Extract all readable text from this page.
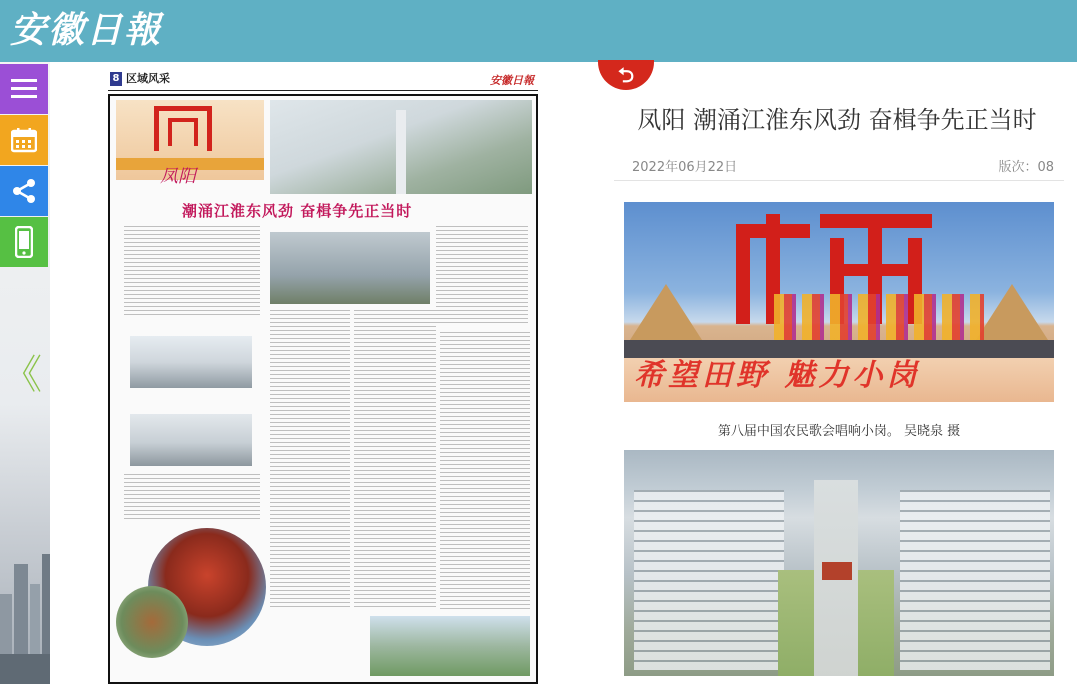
安徽日報
《
8 区域风采	安徽日報
凤阳
潮涌江淮东风劲 奋楫争先正当时
⮌
凤阳 潮涌江淮东风劲 奋楫争先正当时
2022年06月22日	版次：08
希望田野 魅力小岗
第八届中国农民歌会唱响小岗。 吴晓泉 摄
